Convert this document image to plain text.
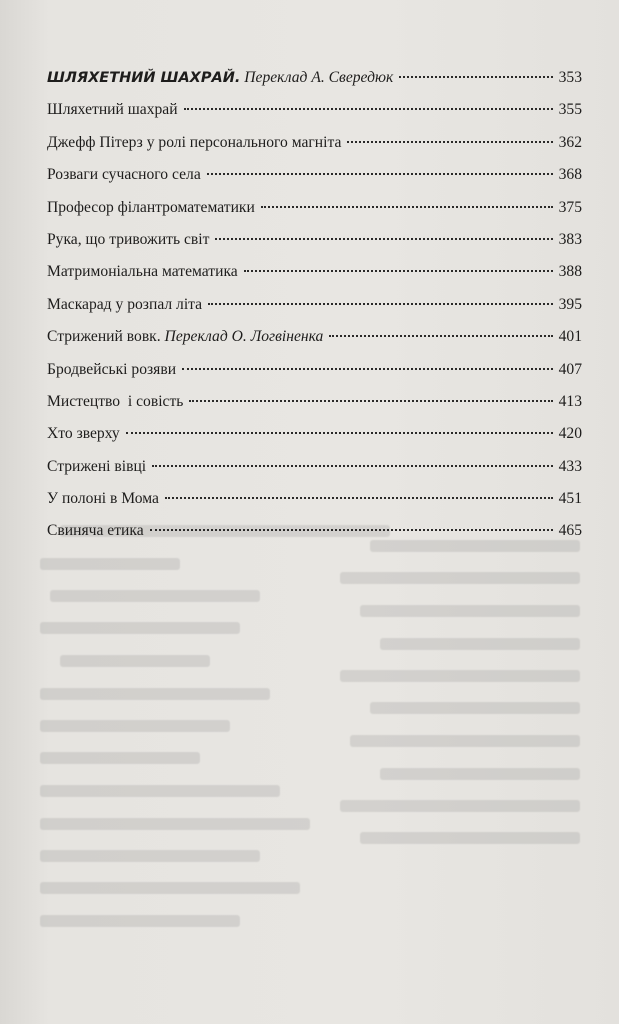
ШЛЯХЕТНИЙ ШАХРАЙ. Переклад А. Свередюк	353
Шляхетний шахрай	355
Джефф Пітерз у ролі персонального магніта	362
Розваги сучасного села	368
Професор філантроматематики	375
Рука, що тривожить світ	383
Матримоніальна математика	388
Маскарад у розпал літа	395
Стрижений вовк. Переклад О. Логвіненка	401
Бродвейські розяви	407
Мистецтво  і совість	413
Хто зверху	420
Стрижені вівці	433
У полоні в Мома	451
Свиняча етика	465
